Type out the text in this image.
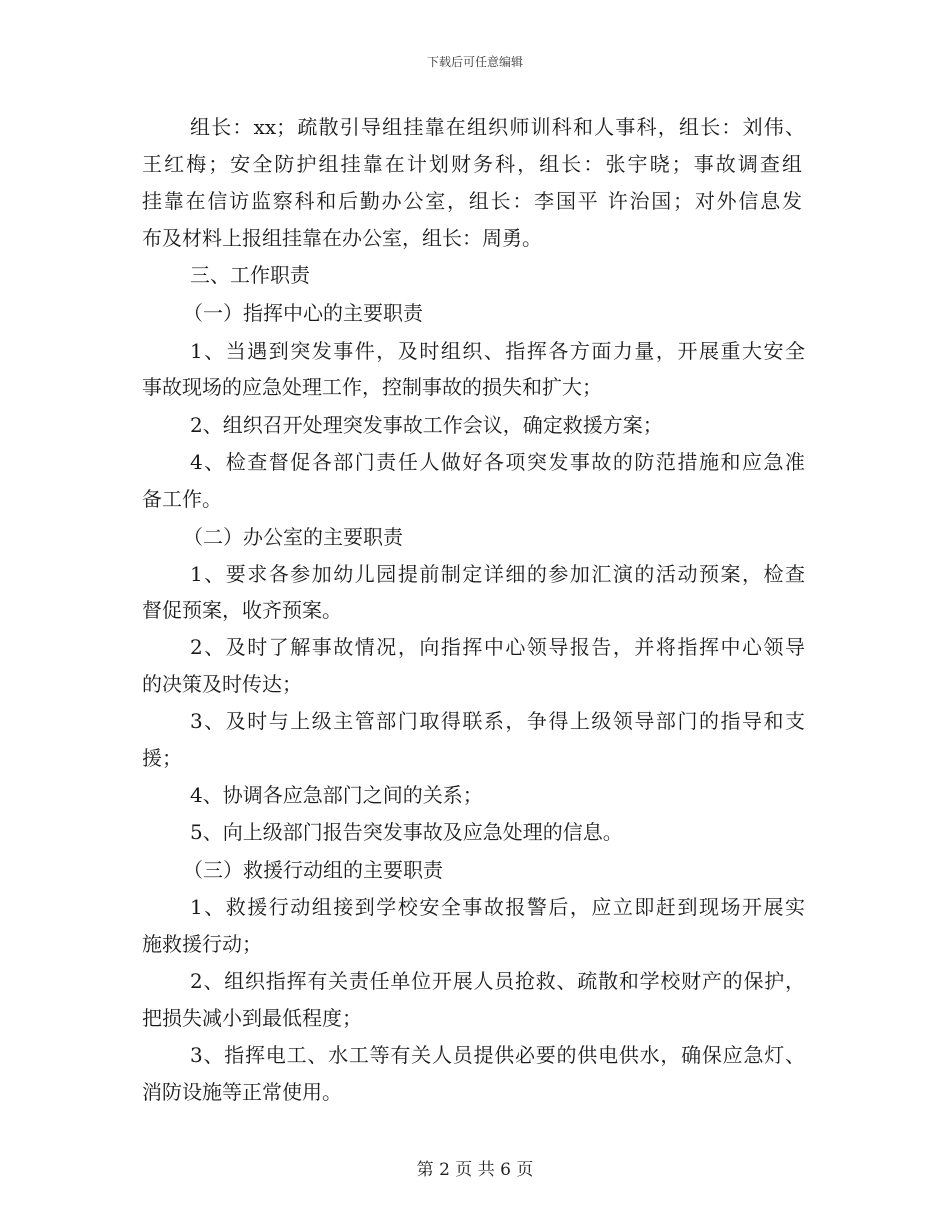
下载后可任意编辑
组长：xx；疏散引导组挂靠在组织师训科和人事科，组长：刘伟、
王红梅；安全防护组挂靠在计划财务科，组长：张宇晓；事故调查组
挂靠在信访监察科和后勤办公室，组长：李国平 许治国；对外信息发
布及材料上报组挂靠在办公室，组长：周勇。
三、工作职责
（一）指挥中心的主要职责
1、当遇到突发事件，及时组织、指挥各方面力量，开展重大安全
事故现场的应急处理工作，控制事故的损失和扩大；
2、组织召开处理突发事故工作会议，确定救援方案；
4、检查督促各部门责任人做好各项突发事故的防范措施和应急准
备工作。
（二）办公室的主要职责
1、要求各参加幼儿园提前制定详细的参加汇演的活动预案，检查
督促预案，收齐预案。
2、及时了解事故情况，向指挥中心领导报告，并将指挥中心领导
的决策及时传达；
3、及时与上级主管部门取得联系，争得上级领导部门的指导和支
援；
4、协调各应急部门之间的关系；
5、向上级部门报告突发事故及应急处理的信息。
（三）救援行动组的主要职责
1、救援行动组接到学校安全事故报警后，应立即赶到现场开展实
施救援行动；
2、组织指挥有关责任单位开展人员抢救、疏散和学校财产的保护，
把损失减小到最低程度；
3、指挥电工、水工等有关人员提供必要的供电供水，确保应急灯、
消防设施等正常使用。
第 2 页 共 6 页
